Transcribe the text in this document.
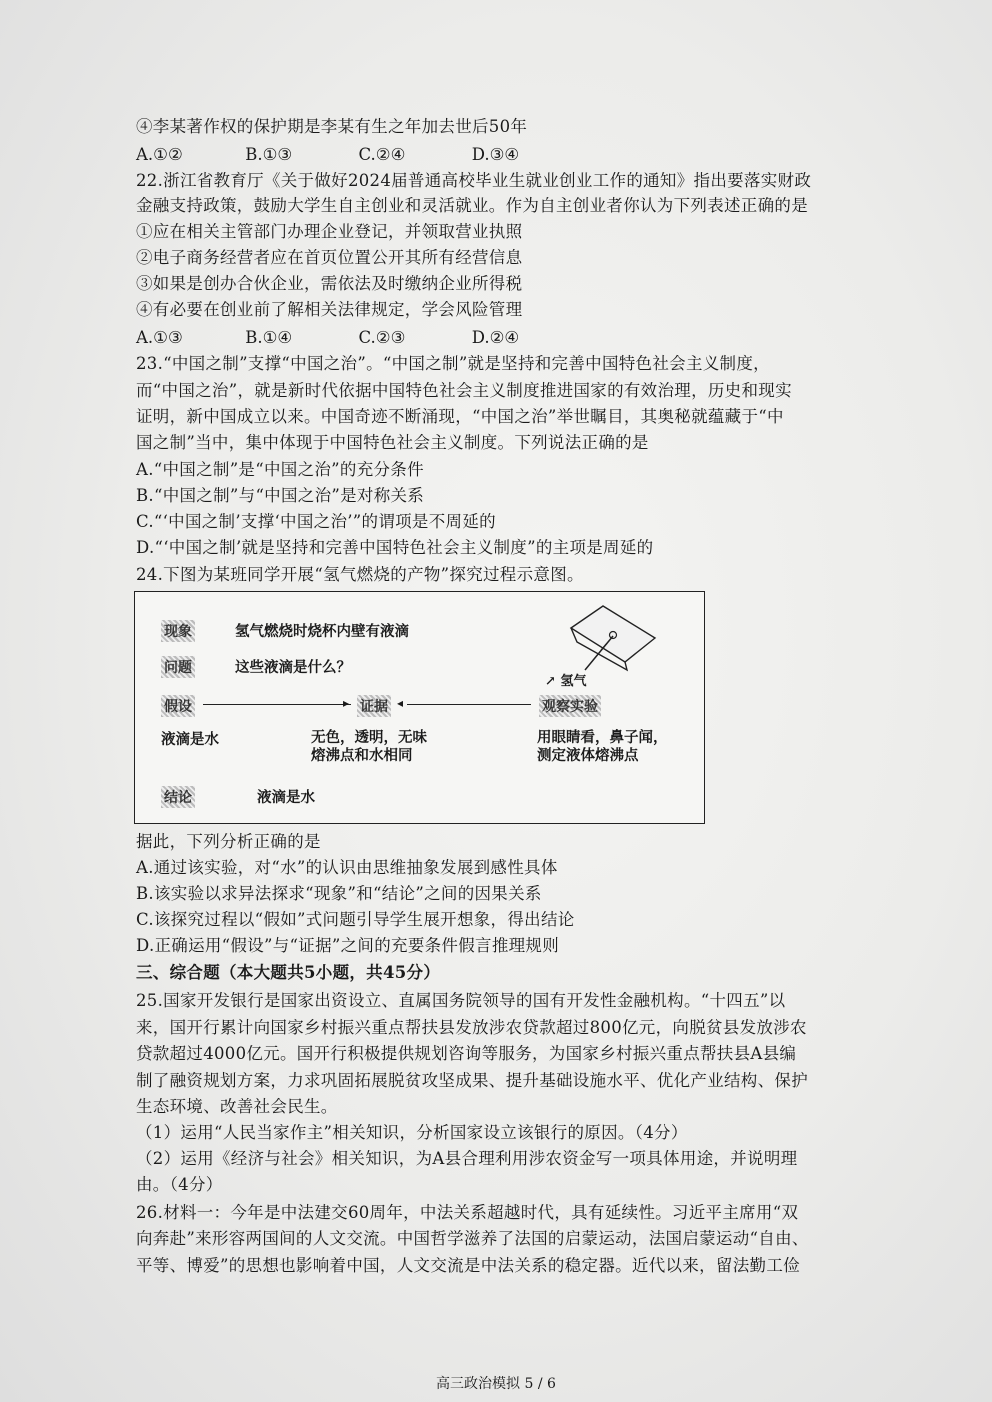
④李某著作权的保护期是李某有生之年加去世后50年
A.①②	B.①③	C.②④	D.③④
22.浙江省教育厅《关于做好2024届普通高校毕业生就业创业工作的通知》指出要落实财政
金融支持政策，鼓励大学生自主创业和灵活就业。作为自主创业者你认为下列表述正确的是
①应在相关主管部门办理企业登记，并领取营业执照
②电子商务经营者应在首页位置公开其所有经营信息
③如果是创办合伙企业，需依法及时缴纳企业所得税
④有必要在创业前了解相关法律规定，学会风险管理
A.①③	B.①④	C.②③	D.②④
23.“中国之制”支撑“中国之治”。“中国之制”就是坚持和完善中国特色社会主义制度，
而“中国之治”，就是新时代依据中国特色社会主义制度推进国家的有效治理，历史和现实
证明，新中国成立以来。中国奇迹不断涌现，“中国之治”举世瞩目，其奥秘就蕴藏于“中
国之制”当中，集中体现于中国特色社会主义制度。下列说法正确的是
A.“中国之制”是“中国之治”的充分条件
B.“中国之制”与“中国之治”是对称关系
C.“‘中国之制’支撑‘中国之治’”的谓项是不周延的
D.“‘中国之制’就是坚持和完善中国特色社会主义制度”的主项是周延的
24.下图为某班同学开展“氢气燃烧的产物”探究过程示意图。
现象	氢气燃烧时烧杯内壁有液滴
问题	这些液滴是什么？
↗ 氢气
假设	▸ 证据 ◂	观察实验
液滴是水	无色，透明，无味
熔沸点和水相同
用眼睛看，鼻子闻，
测定液体熔沸点
结论	液滴是水
据此，下列分析正确的是
A.通过该实验，对“水”的认识由思维抽象发展到感性具体
B.该实验以求异法探求“现象”和“结论”之间的因果关系
C.该探究过程以“假如”式问题引导学生展开想象，得出结论
D.正确运用“假设”与“证据”之间的充要条件假言推理规则
三、综合题（本大题共5小题，共45分）
25.国家开发银行是国家出资设立、直属国务院领导的国有开发性金融机构。“十四五”以
来，国开行累计向国家乡村振兴重点帮扶县发放涉农贷款超过800亿元，向脱贫县发放涉农
贷款超过4000亿元。国开行积极提供规划咨询等服务，为国家乡村振兴重点帮扶县A县编
制了融资规划方案，力求巩固拓展脱贫攻坚成果、提升基础设施水平、优化产业结构、保护
生态环境、改善社会民生。
（1）运用“人民当家作主”相关知识，分析国家设立该银行的原因。（4分）
（2）运用《经济与社会》相关知识，为A县合理利用涉农资金写一项具体用途，并说明理
由。（4分）
26.材料一：今年是中法建交60周年，中法关系超越时代，具有延续性。习近平主席用“双
向奔赴”来形容两国间的人文交流。中国哲学滋养了法国的启蒙运动，法国启蒙运动“自由、
平等、博爱”的思想也影响着中国，人文交流是中法关系的稳定器。近代以来，留法勤工俭
高三政治模拟 5 / 6
